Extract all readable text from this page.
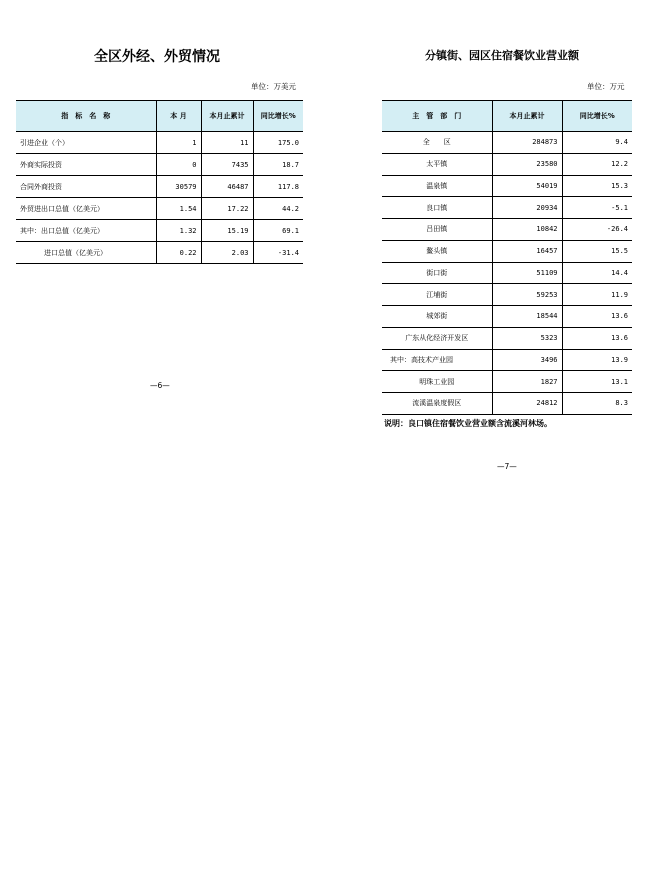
全区外经、外贸情况
单位：万美元
指　标　名　称	本 月	本月止累计	同比增长%
引进企业（个）	1	11	175.0
外商实际投资	0	7435	18.7
合同外商投资	30579	46487	117.8
外贸进出口总值（亿美元）	1.54	17.22	44.2
其中：出口总值（亿美元）	1.32	15.19	69.1
进口总值（亿美元）	0.22	2.03	-31.4
—6—
分镇街、园区住宿餐饮业营业额
单位：万元
主　管　部　门	本月止累计	同比增长%
全　　区	284873	9.4
太平镇	23580	12.2
温泉镇	54019	15.3
良口镇	20934	-5.1
吕田镇	10842	-26.4
鳌头镇	16457	15.5
街口街	51109	14.4
江埔街	59253	11.9
城郊街	18544	13.6
广东从化经济开发区	5323	13.6
其中：高技术产业园	3496	13.9
明珠工业园	1827	13.1
流溪温泉度假区	24812	8.3
说明：良口镇住宿餐饮业营业额含流溪河林场。
—7—
